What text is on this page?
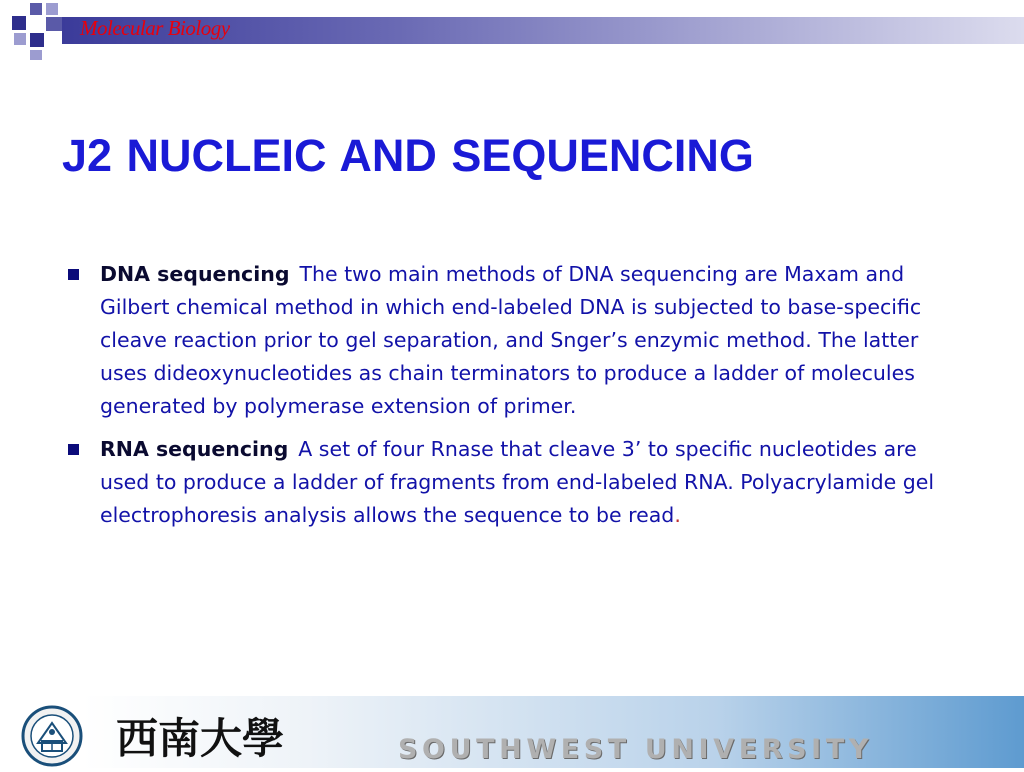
Molecular Biology
J2 NUCLEIC AND SEQUENCING
DNA sequencing The two main methods of DNA sequencing are Maxam and Gilbert chemical method in which end-labeled DNA is subjected to base-specific cleave reaction prior to gel separation, and Snger’s enzymic method. The latter uses dideoxynucleotides as chain terminators to produce a ladder of molecules generated by polymerase extension of primer.
RNA sequencing A set of four Rnase that cleave 3’ to specific nucleotides are used to produce a ladder of fragments from end-labeled RNA. Polyacrylamide gel electrophoresis analysis allows the sequence to be read.
西南大學	SOUTHWEST UNIVERSITY
